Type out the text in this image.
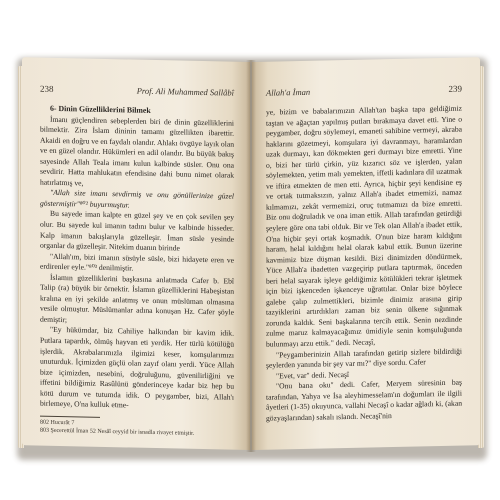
238	Prof. Ali Muhammed Sallâbî

6- Dinin Güzelliklerini Bilmek

İmanı güçlendiren sebeplerden biri de dinin güzelliklerini bilmektir. Zira İslam dininin tamamı güzellikten ibarettir. Akaidi en doğru ve en faydalı olandır. Ahlakı övgüye layık olan ve en güzel olandır. Hükümleri en adil olandır. Bu büyük bakış sayesinde Allah Teala imanı kulun kalbinde süsler. Onu ona sevdirir. Hatta mahlukatın efendisine dahi bunu nimet olarak hatırlatmış ve,

"Allah size imanı sevdirmiş ve onu gönüllerinize güzel göstermiştir"⁸⁰² buyurmuştur.

Bu sayede iman kalpte en güzel şey ve en çok sevilen şey olur. Bu sayede kul imanın tadını bulur ve kalbinde hisseder. Kalp imanın bakışlarıyla güzelleşir. İman süsle yesinde organlar da güzelleşir. Nitekim duanın birinde

"Allah'ım, bizi imanın süsüyle süsle, bizi hidayete eren ve erdirenler eyle."⁸⁰³ denilmiştir.

İslamın güzelliklerini başkasına anlatmada Cafer b. Ebî Talip (ra) büyük bir örnektir. İslamın güzelliklerini Habeşistan kralına en iyi şekilde anlatmış ve onun müslüman olmasına vesile olmuştur. Müslümanlar adına konuşan Hz. Cafer şöyle demiştir;

"Ey hükümdar, biz Cahiliye halkından bir kavim idik. Putlara tapardık, ölmüş hayvan eti yerdik. Her türlü kötülüğü işlerdik. Akrabalarımızla ilgimizi keser, komşularımızı unuturduk. İçimizden güçlü olan zayıf olanı yerdi. Yüce Allah bize içimizden, nesebini, doğruluğunu, güvenilirliğini ve iffetini bildiğimiz Rasûlünü gönderinceye kadar biz hep bu kötü durum ve tutumda idik. O peygamber, bizi, Allah'ı birlemeye, O'na kulluk etme-

802 Hucurât 7
803 Şecerettül İman 52 Nesâî ceyyid bir isnadla rivayet etmiştir.
Allah'a İman	239

ye, bizim ve babalarımızın Allah'tan başka tapa geldiğimiz taştan ve ağaçtan yapılmış putları bırakmaya davet etti. Yine o peygamber, doğru söylemeyi, emaneti sahibine vermeyi, akraba haklarını gözetmeyi, komşulara iyi davranmayı, haramlardan uzak durmayı, kan dökmekten geri durmayı bize emretti. Yine o, bizi her türlü çirkin, yüz kızarıcı söz ve işlerden, yalan söylemekten, yetim malı yemekten, iffetli kadınlara dil uzatmak ve iftira etmekten de men etti. Ayrıca, hiçbir şeyi kendisine eş ve ortak tutmaksızın, yalnız Allah'a ibadet etmemizi, namaz kılmamızı, zekât vermemizi, oruç tutmamızı da bize emretti. Biz onu doğruladık ve ona iman ettik. Allah tarafından getirdiği şeylere göre ona tabi olduk. Bir ve Tek olan Allah'a ibadet ettik, O'na hiçbir şeyi ortak koşmadık. O'nun bize haram kıldığını haram, helal kıldığını helal olarak kabul ettik. Bunun üzerine kavmimiz bize düşman kesildi. Bizi dinimizden döndürmek, Yüce Allah'a ibadetten vazgeçirip putlara taptırmak, önceden beri helal sayarak işleye geldiğimiz kötülükleri tekrar işletmek için bizi işkenceden işkenceye uğrattılar. Onlar bize böylece galebe çalıp zulmettikleri, bizimle dinimiz arasına girip tazyiklerini artırdıkları zaman biz senin ülkene sığınmak zorunda kaldık. Seni başkalarına tercih ettik. Senin nezdinde zulme maruz kalmayacağımız ümidiyle senin komşuluğunda bulunmayı arzu ettik." dedi. Necaşî,

"Peygamberinizin Allah tarafından getirip sizlere bildirdiği şeylerden yanında bir şey var mı?" diye sordu. Cafer

"Evet, var" dedi. Necaşî

"Onu bana oku" dedi. Cafer, Meryem süresinin baş tarafından, Yahya ve İsa aleyhimesselam'ın doğumları ile ilgili âyetleri (1-35) okuyunca, vallahi Necaşî o kadar ağladı ki, (akan gözyaşlarından) sakalı ıslandı. Necaşî'nin
